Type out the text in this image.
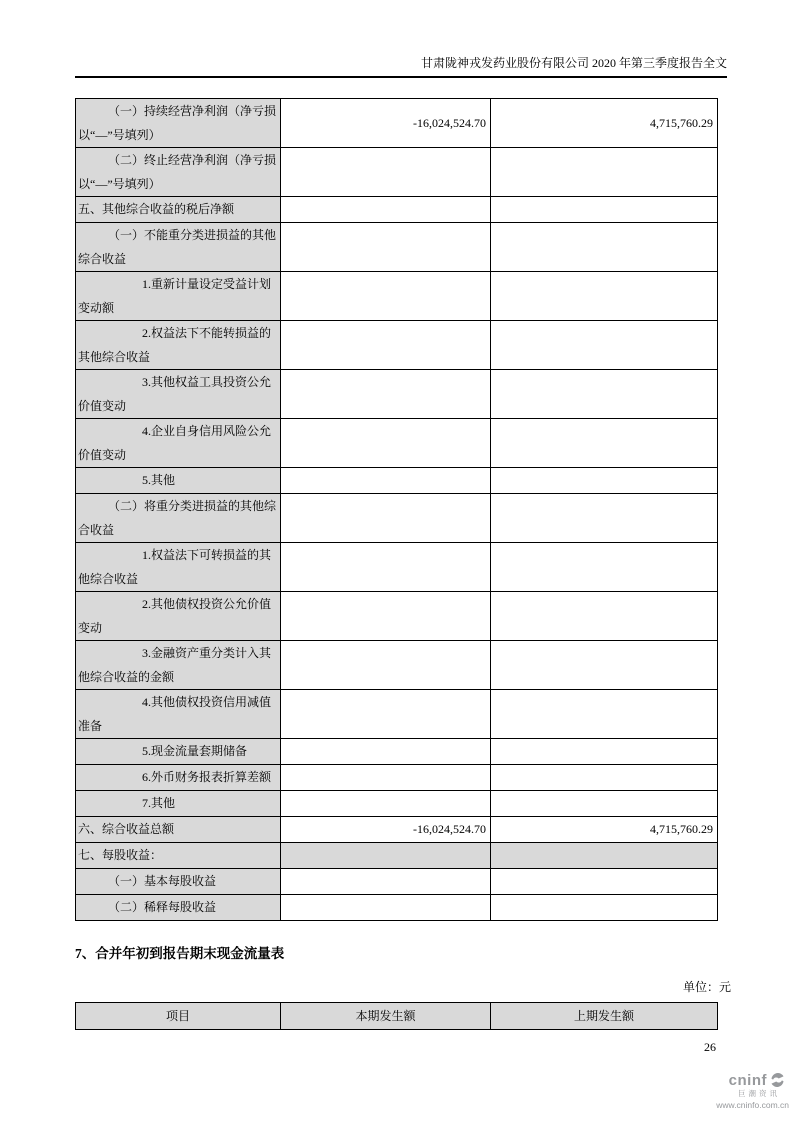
甘肃陇神戎发药业股份有限公司 2020 年第三季度报告全文
（一）持续经营净利润（净亏损以“—”号填列）
-16,024,524.70	4,715,760.29
（二）终止经营净利润（净亏损以“—”号填列）
五、其他综合收益的税后净额
（一）不能重分类进损益的其他综合收益
1.重新计量设定受益计划变动额
2.权益法下不能转损益的其他综合收益
3.其他权益工具投资公允价值变动
4.企业自身信用风险公允价值变动
5.其他
（二）将重分类进损益的其他综合收益
1.权益法下可转损益的其他综合收益
2.其他债权投资公允价值变动
3.金融资产重分类计入其他综合收益的金额
4.其他债权投资信用减值准备
5.现金流量套期储备
6.外币财务报表折算差额
7.其他
六、综合收益总额	-16,024,524.70	4,715,760.29
七、每股收益：
（一）基本每股收益
（二）稀释每股收益
7、合并年初到报告期末现金流量表
单位：元
项目	本期发生额	上期发生额
26
cninf
巨潮资讯
www.cninfo.com.cn
